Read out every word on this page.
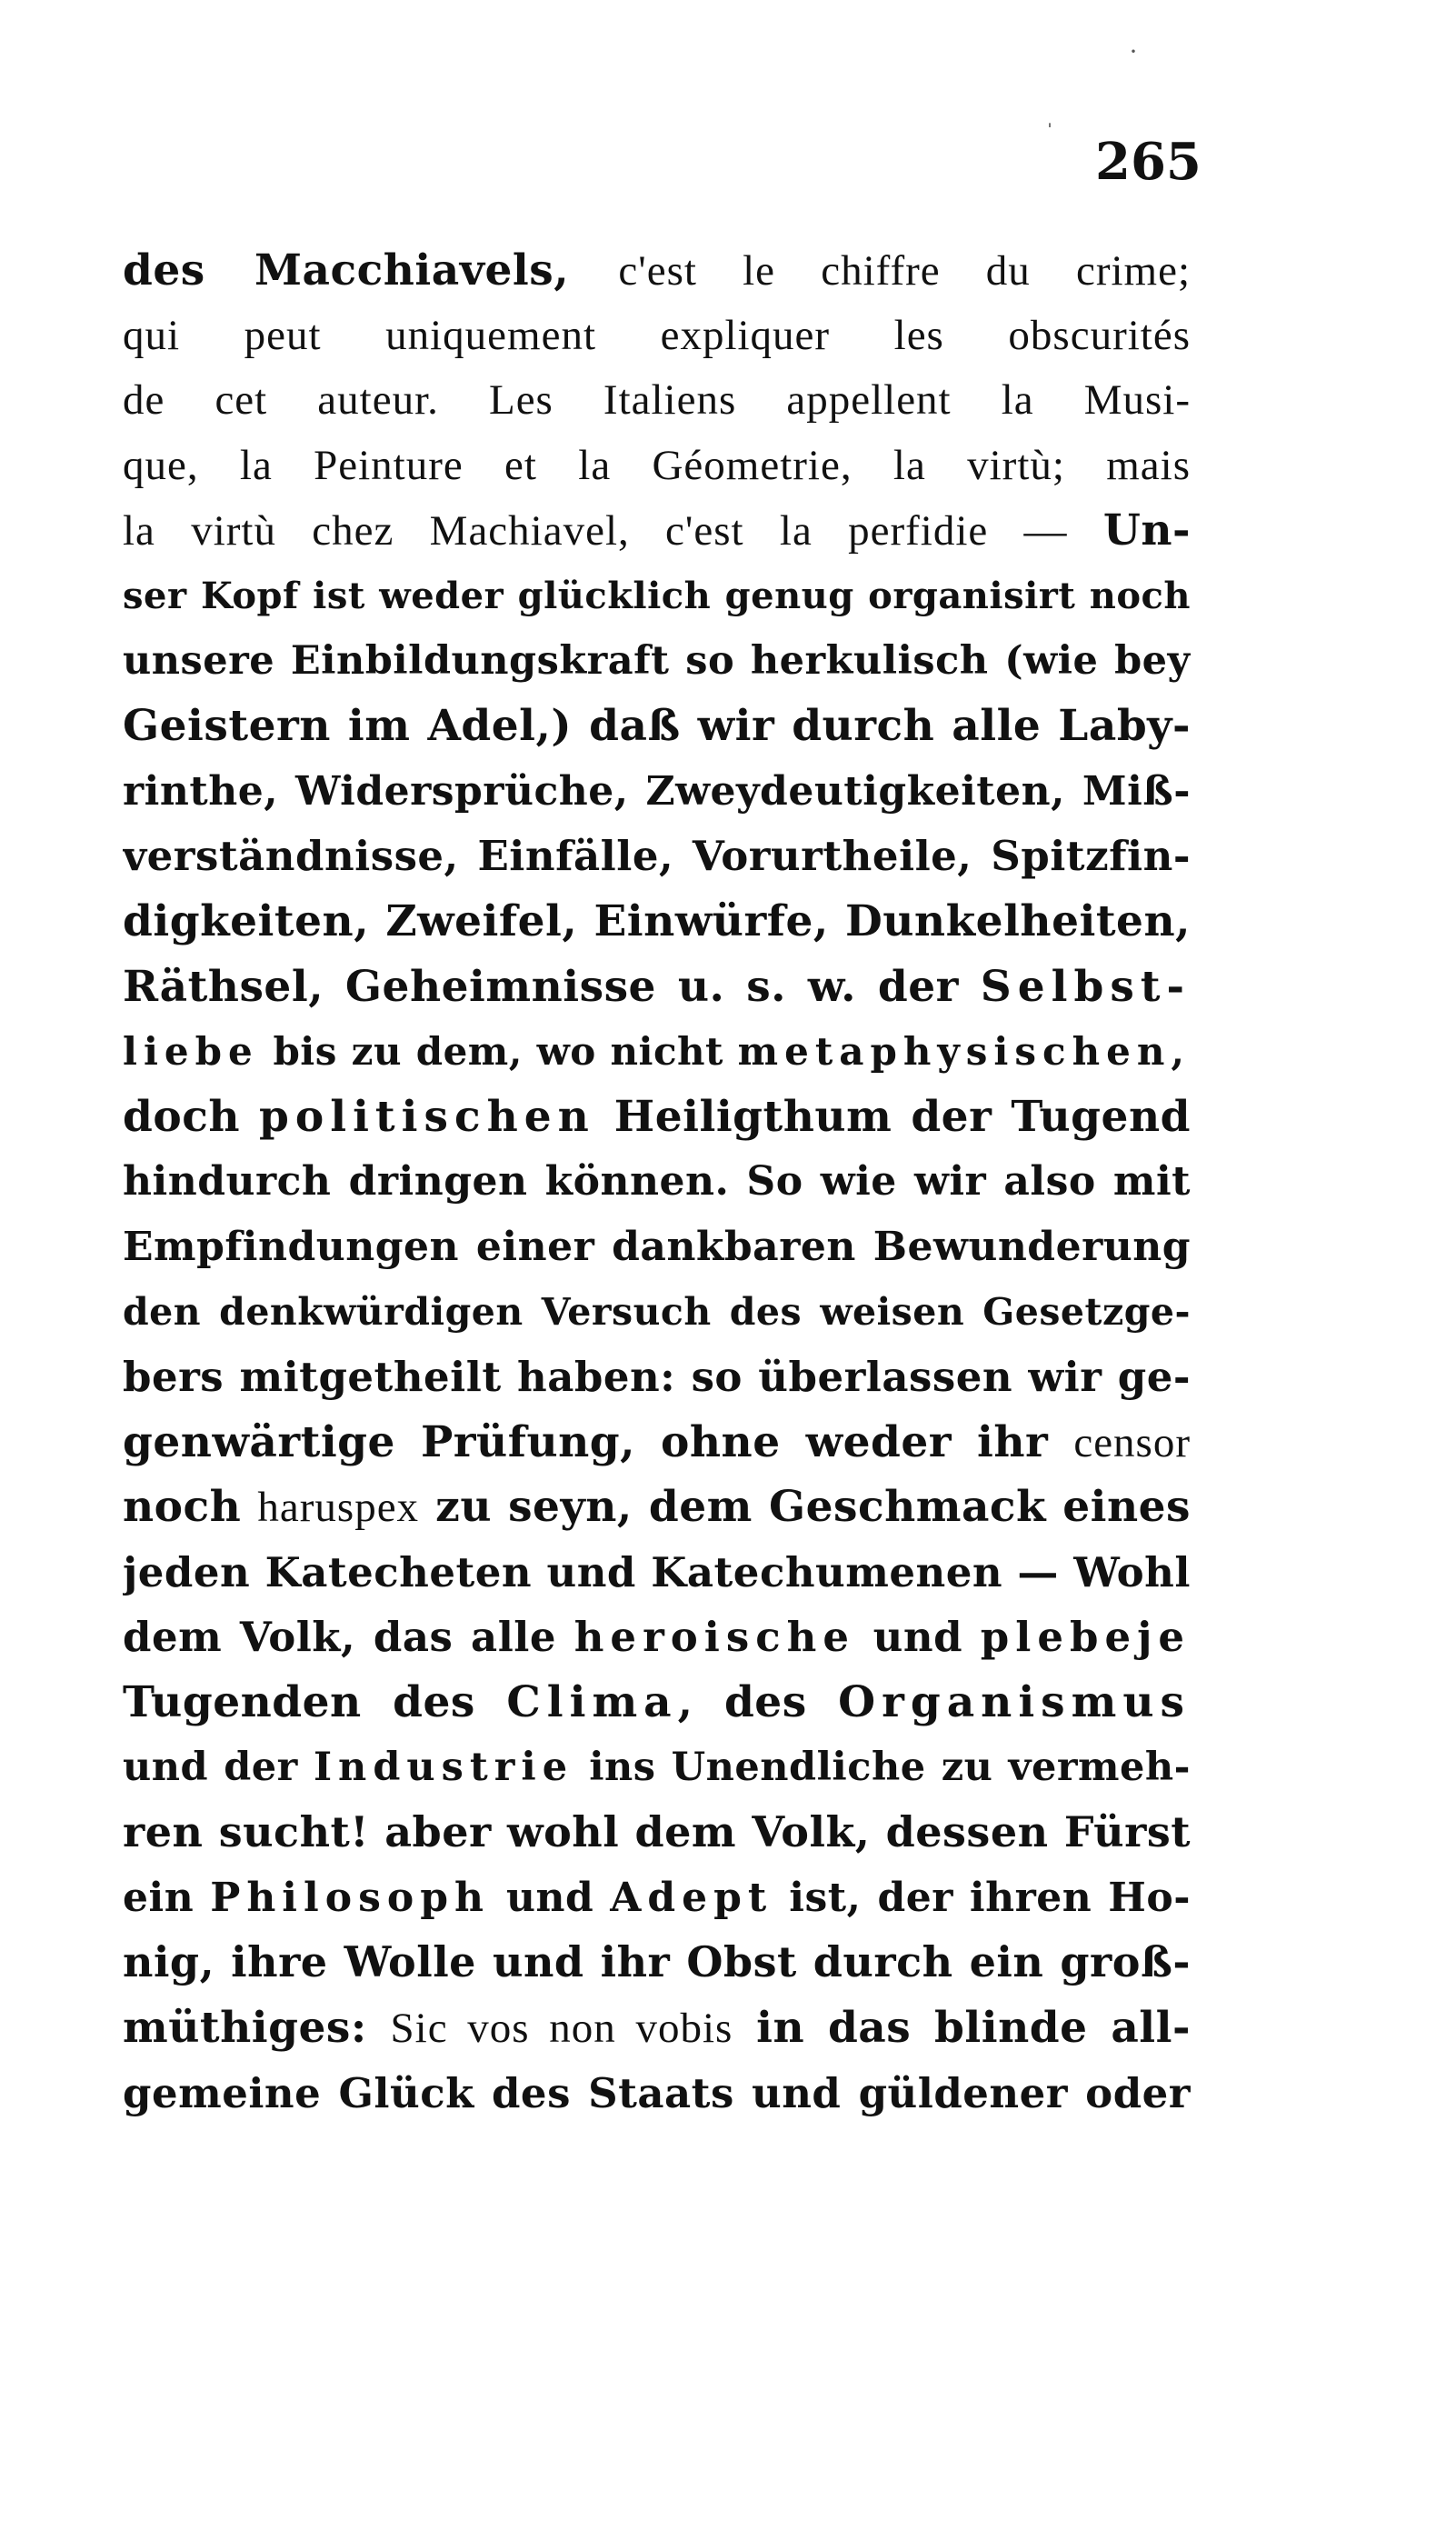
265
·
ˈ
des Macchiavels, c'est le chiffre du crime;
qui peut uniquement expliquer les obscurités
de cet auteur. Les Italiens appellent la Musi-
que, la Peinture et la Géometrie, la virtù; mais
la virtù chez Machiavel, c'est la perfidie — Un-
ser Kopf ist weder glücklich genug organisirt noch
unsere Einbildungskraft so herkulisch (wie bey
Geistern im Adel,) daß wir durch alle Laby-
rinthe, Widersprüche, Zweydeutigkeiten, Miß-
verständnisse, Einfälle, Vorurtheile, Spitzfin-
digkeiten, Zweifel, Einwürfe, Dunkelheiten,
Räthsel, Geheimnisse u. s. w. der Selbst-
liebe bis zu dem, wo nicht metaphysischen,
doch politischen Heiligthum der Tugend
hindurch dringen können. So wie wir also mit
Empfindungen einer dankbaren Bewunderung
den denkwürdigen Versuch des weisen Gesetzge-
bers mitgetheilt haben: so überlassen wir ge-
genwärtige Prüfung, ohne weder ihr censor
noch haruspex zu seyn, dem Geschmack eines
jeden Katecheten und Katechumenen — Wohl
dem Volk, das alle heroische und plebeje
Tugenden des Clima, des Organismus
und der Industrie ins Unendliche zu vermeh-
ren sucht! aber wohl dem Volk, dessen Fürst
ein Philosoph und Adept ist, der ihren Ho-
nig, ihre Wolle und ihr Obst durch ein groß-
müthiges: Sic vos non vobis in das blinde all-
gemeine Glück des Staats und güldener oder
